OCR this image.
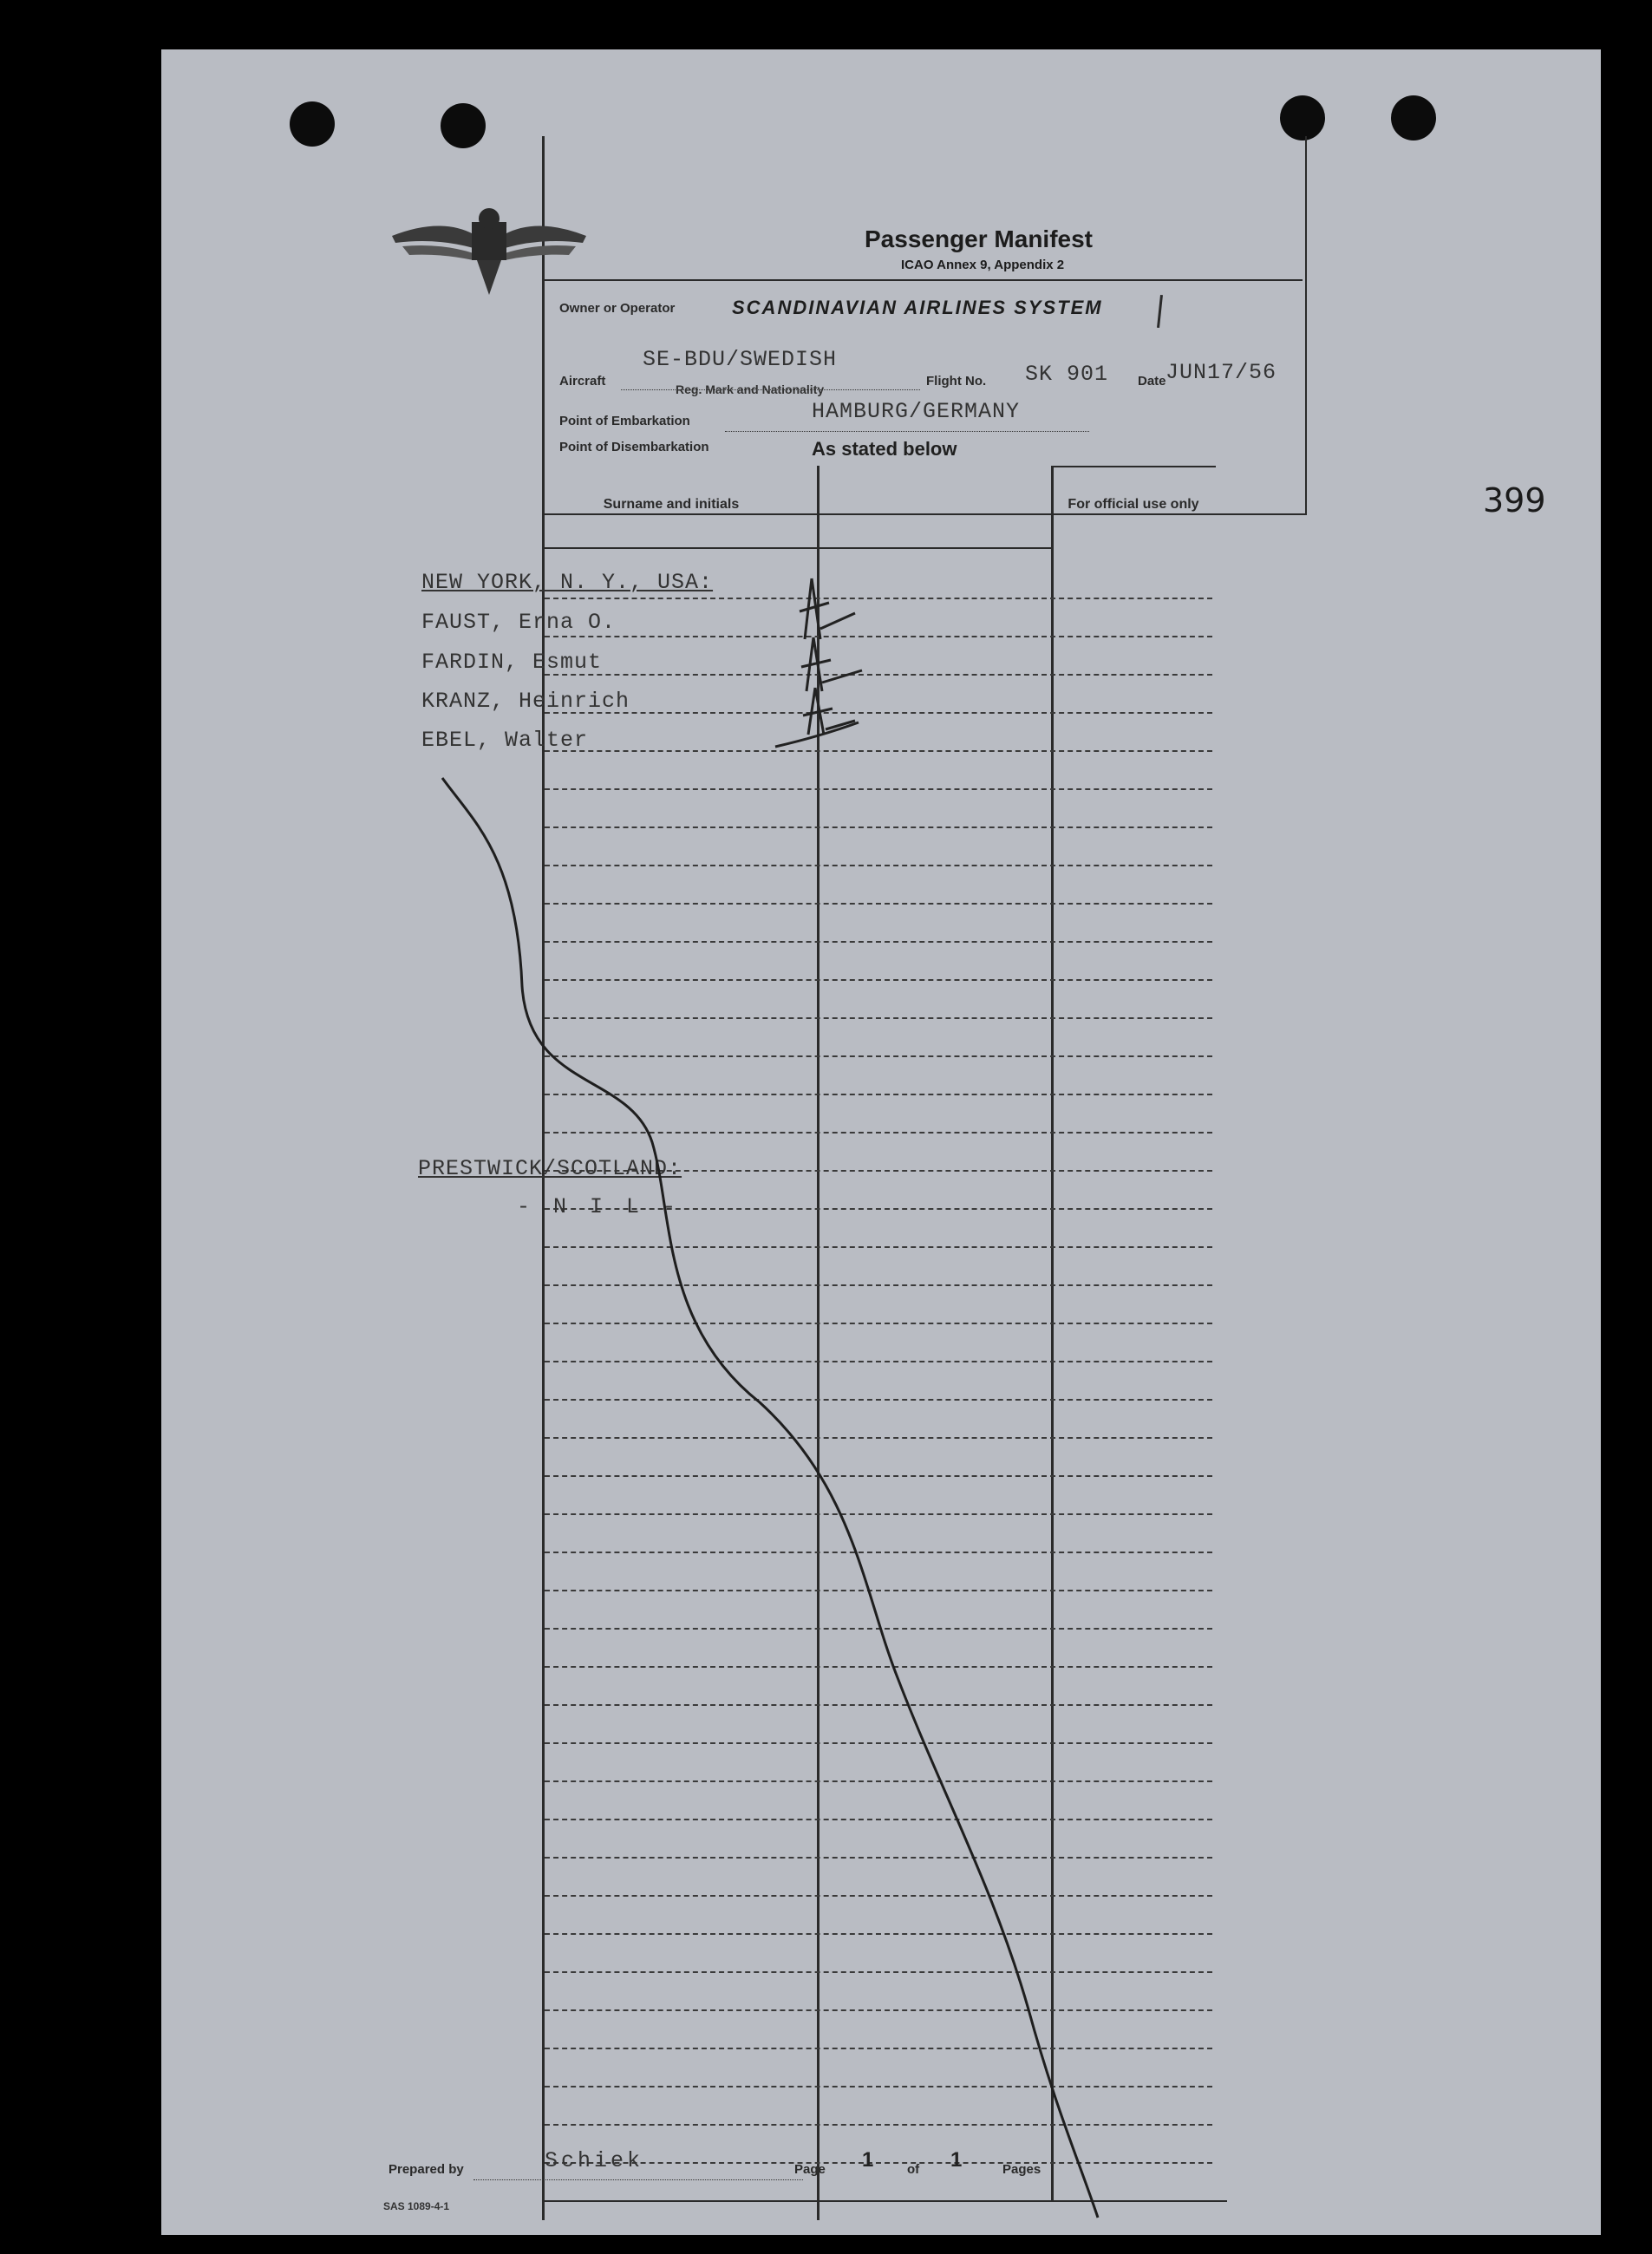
399
Passenger Manifest
ICAO Annex 9, Appendix 2
Owner or Operator	SCANDINAVIAN AIRLINES SYSTEM
SE-BDU/SWEDISH
Aircraft
Reg. Mark and Nationality
Flight No. SK 901 Date JUN17/56
HAMBURG/GERMANY
Point of Embarkation
Point of Disembarkation	As stated below
Surname and initials	For official use only
NEW YORK, N. Y., USA:
FAUST, Erna O.
FARDIN, Esmut
KRANZ, Heinrich
EBEL, Walter
PRESTWICK/SCOTLAND:
- N I L -
Prepared by	Schiek	Page 1	of 1	Pages
SAS 1089-4-1
